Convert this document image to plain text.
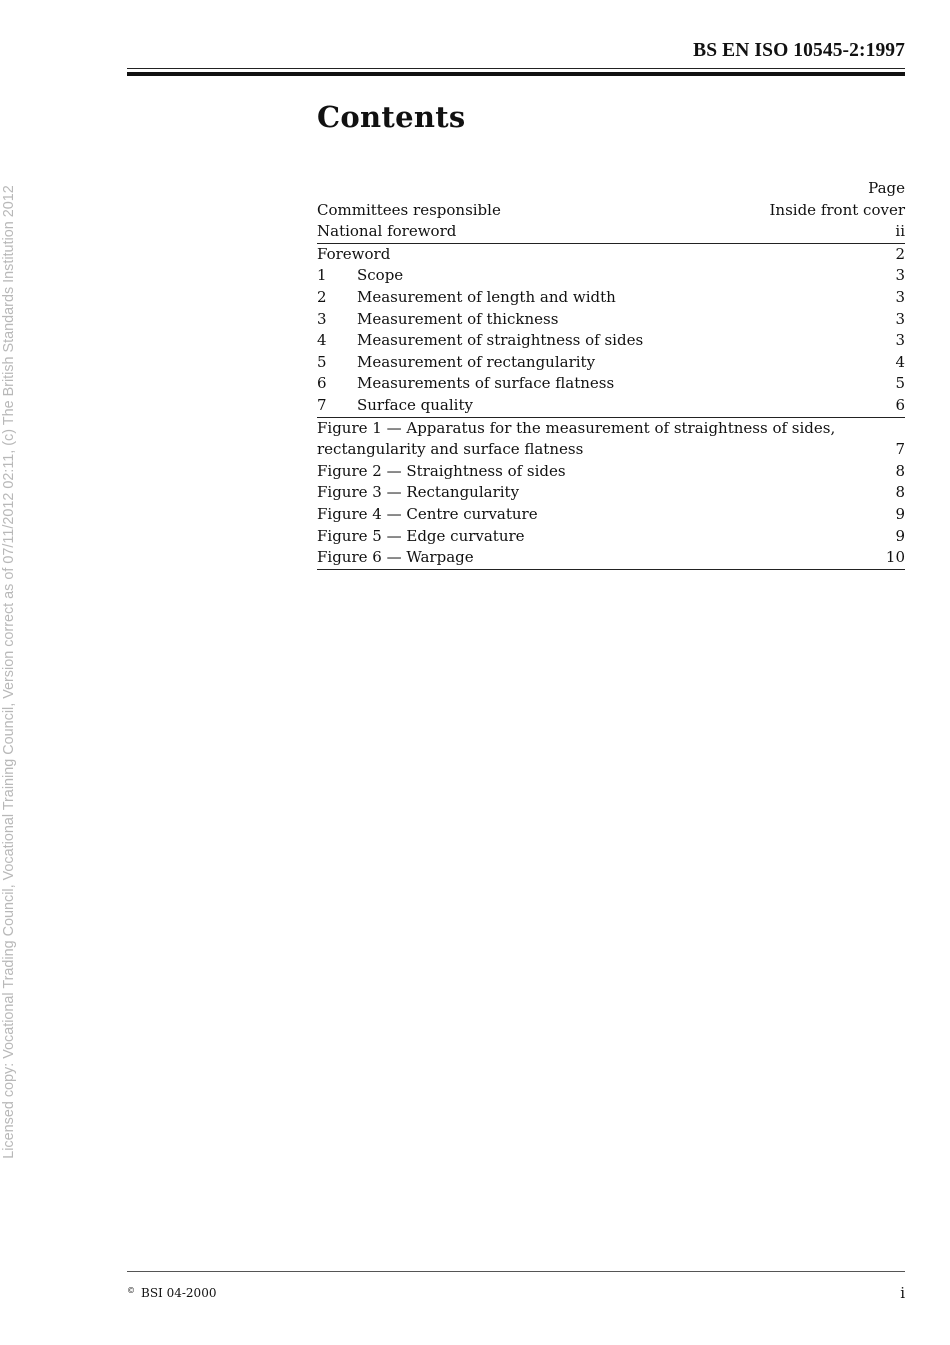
Licensed copy: Vocational Trading Council, Vocational Training Council, Version correct as of 07/11/2012 02:11, (c) The British Standards Institution 2012
BS EN ISO 10545-2:1997
Contents
Page
Committees responsible	Inside front cover
National foreword	ii
Foreword	2
1	Scope	3
2	Measurement of length and width	3
3	Measurement of thickness	3
4	Measurement of straightness of sides	3
5	Measurement of rectangularity	4
6	Measurements of surface flatness	5
7	Surface quality	6
Figure 1 — Apparatus for the measurement of straightness of sides, rectangularity and surface flatness	7
Figure 2 — Straightness of sides	8
Figure 3 — Rectangularity	8
Figure 4 — Centre curvature	9
Figure 5 — Edge curvature	9
Figure 6 — Warpage	10
© BSI 04-2000	i
